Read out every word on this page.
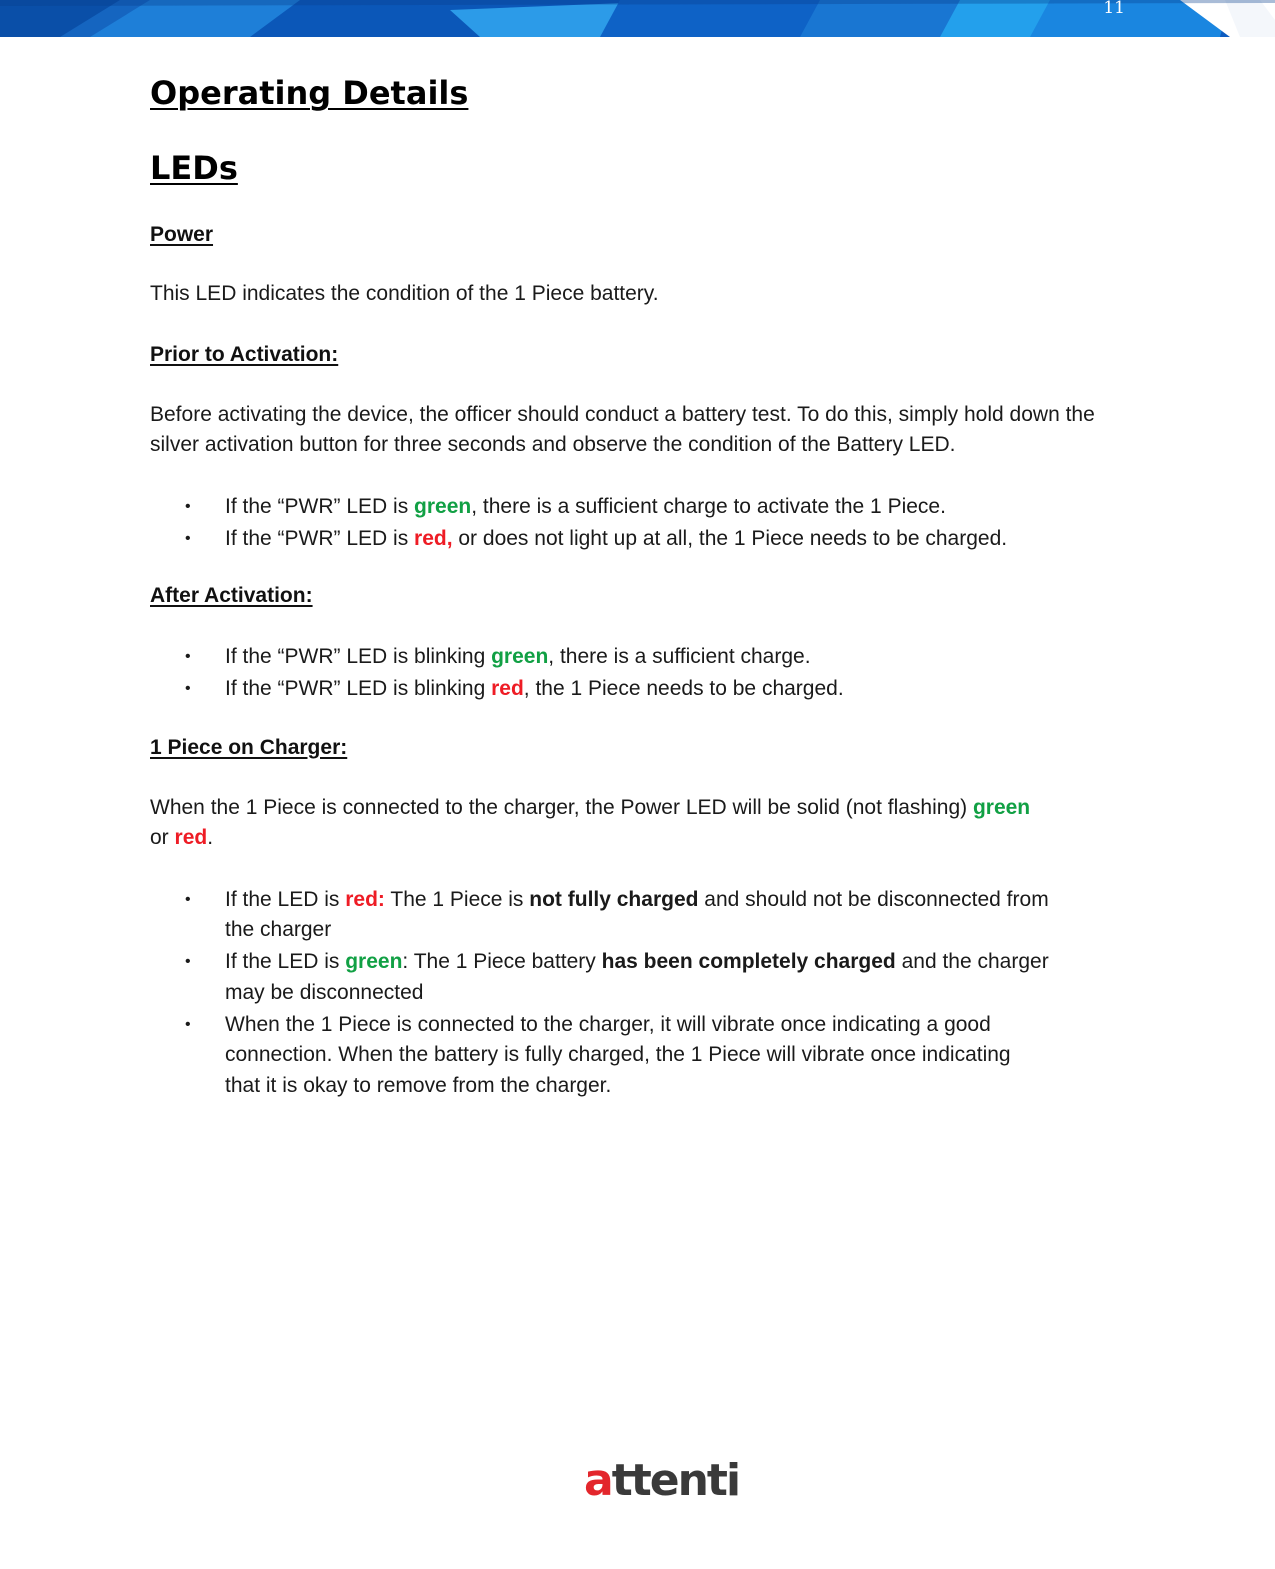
11
Operating Details
LEDs
Power

This LED indicates the condition of the 1 Piece battery.

Prior to Activation:

Before activating the device, the officer should conduct a battery test. To do this, simply hold down the silver activation button for three seconds and observe the condition of the Battery LED.

• If the “PWR” LED is green, there is a sufficient charge to activate the 1 Piece.
• If the “PWR” LED is red, or does not light up at all, the 1 Piece needs to be charged.
After Activation:
• If the “PWR” LED is blinking green, there is a sufficient charge.
• If the “PWR” LED is blinking red, the 1 Piece needs to be charged.
1 Piece on Charger:

When the 1 Piece is connected to the charger, the Power LED will be solid (not flashing) green
or red.

• If the LED is red: The 1 Piece is not fully charged and should not be disconnected from the charger
• If the LED is green: The 1 Piece battery has been completely charged and the charger may be disconnected
• When the 1 Piece is connected to the charger, it will vibrate once indicating a good connection. When the battery is fully charged, the 1 Piece will vibrate once indicating that it is okay to remove from the charger.
attenti
